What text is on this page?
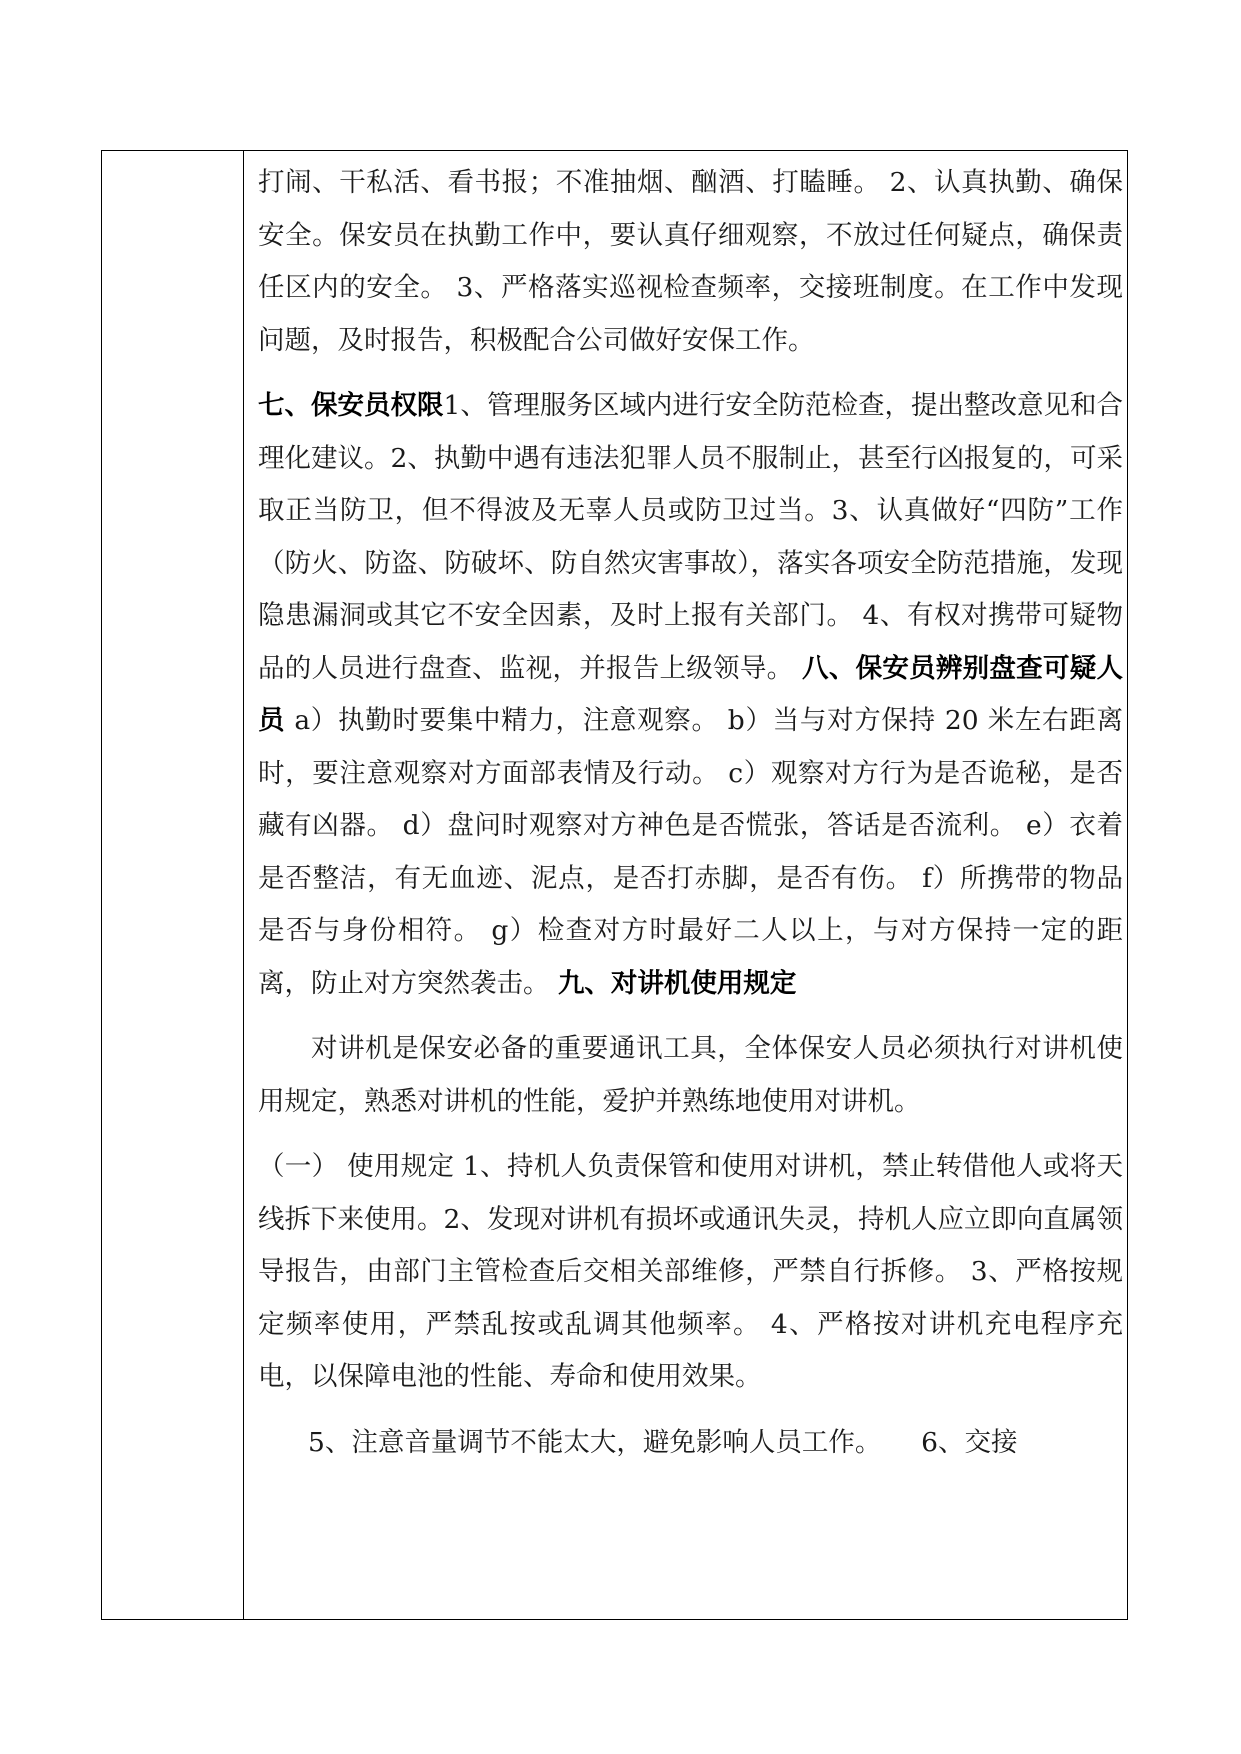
打闹、干私活、看书报；不准抽烟、酗酒、打瞌睡。 2、认真执勤、确保安全。保安员在执勤工作中，要认真仔细观察，不放过任何疑点，确保责任区内的安全。 3、严格落实巡视检查频率，交接班制度。在工作中发现问题，及时报告，积极配合公司做好安保工作。

七、保安员权限1、管理服务区域内进行安全防范检查，提出整改意见和合理化建议。2、执勤中遇有违法犯罪人员不服制止，甚至行凶报复的，可采取正当防卫，但不得波及无辜人员或防卫过当。3、认真做好“四防”工作（防火、防盗、防破坏、防自然灾害事故），落实各项安全防范措施，发现隐患漏洞或其它不安全因素，及时上报有关部门。 4、有权对携带可疑物品的人员进行盘查、监视，并报告上级领导。 八、保安员辨别盘查可疑人员 a）执勤时要集中精力，注意观察。 b）当与对方保持 20 米左右距离时，要注意观察对方面部表情及行动。 c）观察对方行为是否诡秘，是否藏有凶器。 d）盘问时观察对方神色是否慌张，答话是否流利。 e）衣着是否整洁，有无血迹、泥点，是否打赤脚，是否有伤。 f）所携带的物品是否与身份相符。 g）检查对方时最好二人以上，与对方保持一定的距离，防止对方突然袭击。 九、对讲机使用规定

对讲机是保安必备的重要通讯工具，全体保安人员必须执行对讲机使用规定，熟悉对讲机的性能，爱护并熟练地使用对讲机。

（一） 使用规定 1、持机人负责保管和使用对讲机，禁止转借他人或将天线拆下来使用。2、发现对讲机有损坏或通讯失灵，持机人应立即向直属领导报告，由部门主管检查后交相关部维修，严禁自行拆修。 3、严格按规定频率使用，严禁乱按或乱调其他频率。 4、严格按对讲机充电程序充电，以保障电池的性能、寿命和使用效果。

5、注意音量调节不能太大，避免影响人员工作。　　6、交接
